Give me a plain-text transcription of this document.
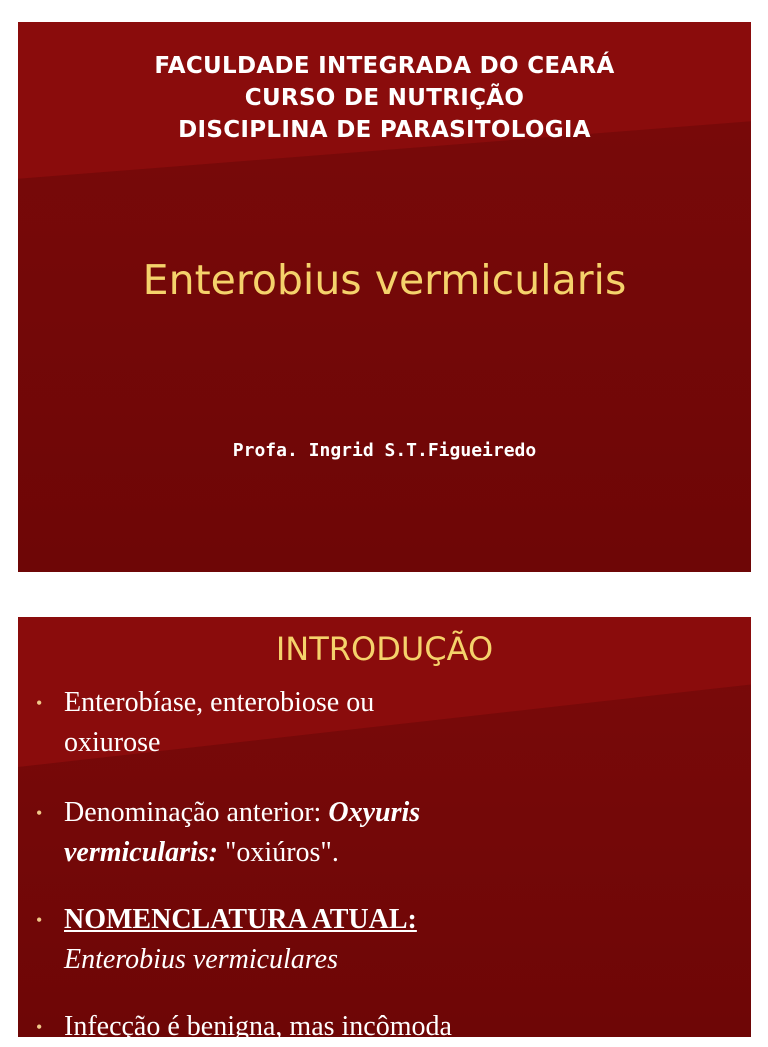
FACULDADE INTEGRADA DO CEARÁ
CURSO DE NUTRIÇÃO
DISCIPLINA DE PARASITOLOGIA
Enterobius vermicularis
Profa. Ingrid S.T.Figueiredo
INTRODUÇÃO
• Enterobíase, enterobiose ou
oxiurose
• Denominação anterior: Oxyuris
vermicularis: "oxiúros".
• NOMENCLATURA ATUAL:
Enterobius vermiculares
• Infecção é benigna, mas incômoda
